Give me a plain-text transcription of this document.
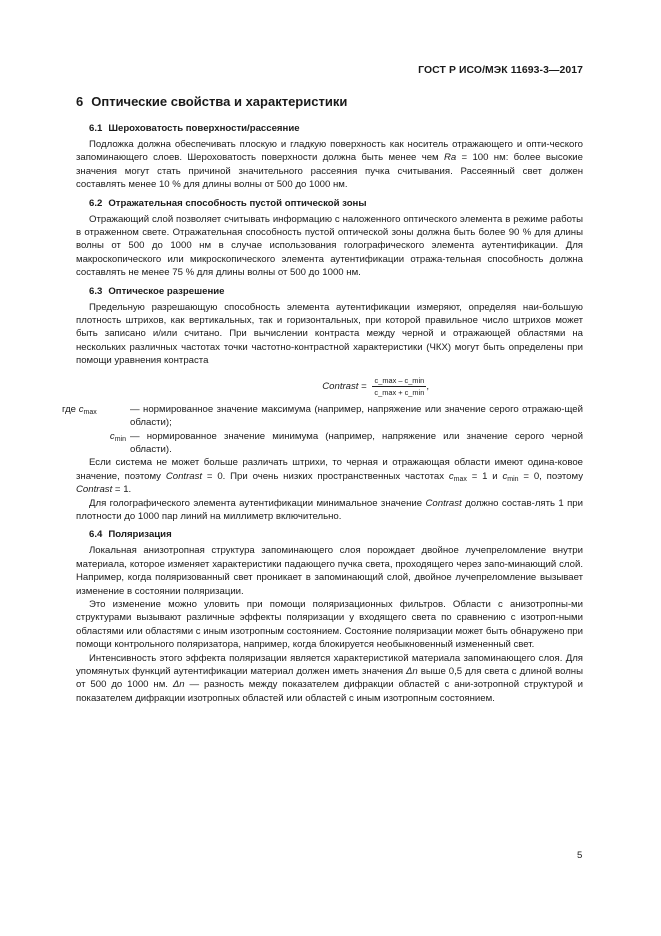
ГОСТ Р ИСО/МЭК 11693-3—2017
6 Оптические свойства и характеристики
6.1 Шероховатость поверхности/рассеяние

Подложка должна обеспечивать плоскую и гладкую поверхность как носитель отражающего и опти-ческого запоминающего слоев. Шероховатость поверхности должна быть менее чем Ra = 100 нм: более высокие значения могут стать причиной значительного рассеяния пучка считывания. Рассеянный свет должен составлять менее 10 % для длины волны от 500 до 1000 нм.

6.2 Отражательная способность пустой оптической зоны

Отражающий слой позволяет считывать информацию с наложенного оптического элемента в режиме работы в отраженном свете. Отражательная способность пустой оптической зоны должна быть более 90 % для длины волны от 500 до 1000 нм в случае использования голографического элемента аутентификации. Для макроскопического или микроскопического элемента аутентификации отража-тельная способность должна составлять не менее 75 % для длины волны от 500 до 1000 нм.

6.3 Оптическое разрешение

Предельную разрешающую способность элемента аутентификации измеряют, определяя наи-большую плотность штрихов, как вертикальных, так и горизонтальных, при которой правильное число штрихов может быть записано и/или считано. При вычислении контраста между черной и отражающей областями на нескольких различных частотах точки частотно-контрастной характеристики (ЧКХ) могут быть определены при помощи уравнения контраста

Contrast = $\frac{c\_\max - c\_\min}{c\_\max + c\_\min}$ ,
где $c_{max}$	— нормированное значение максимума (например, напряжение или значение серого отражаю-щей области);
$c_{min}$ — нормированное значение минимума (например, напряжение или значение серого черной области).

Если система не может больше различать штрихи, то черная и отражающая области имеют одина-ковое значение, поэтому Contrast = 0. При очень низких пространственных частотах $c_{max} = 1$ и $c_{min} = 0$, поэтому Contrast = 1.

Для голографического элемента аутентификации минимальное значение Contrast должно состав-лять 1 при плотности до 1000 пар линий на миллиметр включительно.

6.4 Поляризация

Локальная анизотропная структура запоминающего слоя порождает двойное лучепреломление внутри материала, которое изменяет характеристики падающего пучка света, проходящего через запо-минающий слой. Например, когда поляризованный свет проникает в запоминающий слой, двойное лучепреломление вызывает изменение в состоянии поляризации.

Это изменение можно уловить при помощи поляризационных фильтров. Области с анизотропны-ми структурами вызывают различные эффекты поляризации у входящего света по сравнению с изотроп-ными областями или областями с иным изотропным состоянием. Состояние поляризации может быть обнаружено при помощи контрольного поляризатора, например, когда блокируется необыкновенный измененный свет.

Интенсивность этого эффекта поляризации является характеристикой материала запоминающего слоя. Для упомянутых функций аутентификации материал должен иметь значения Δn выше 0,5 для света с длиной волны от 500 до 1000 нм. Δn — разность между показателем дифракции областей с ани-зотропной структурой и показателем дифракции изотропных областей или областей с иным изотропным состоянием.

5
